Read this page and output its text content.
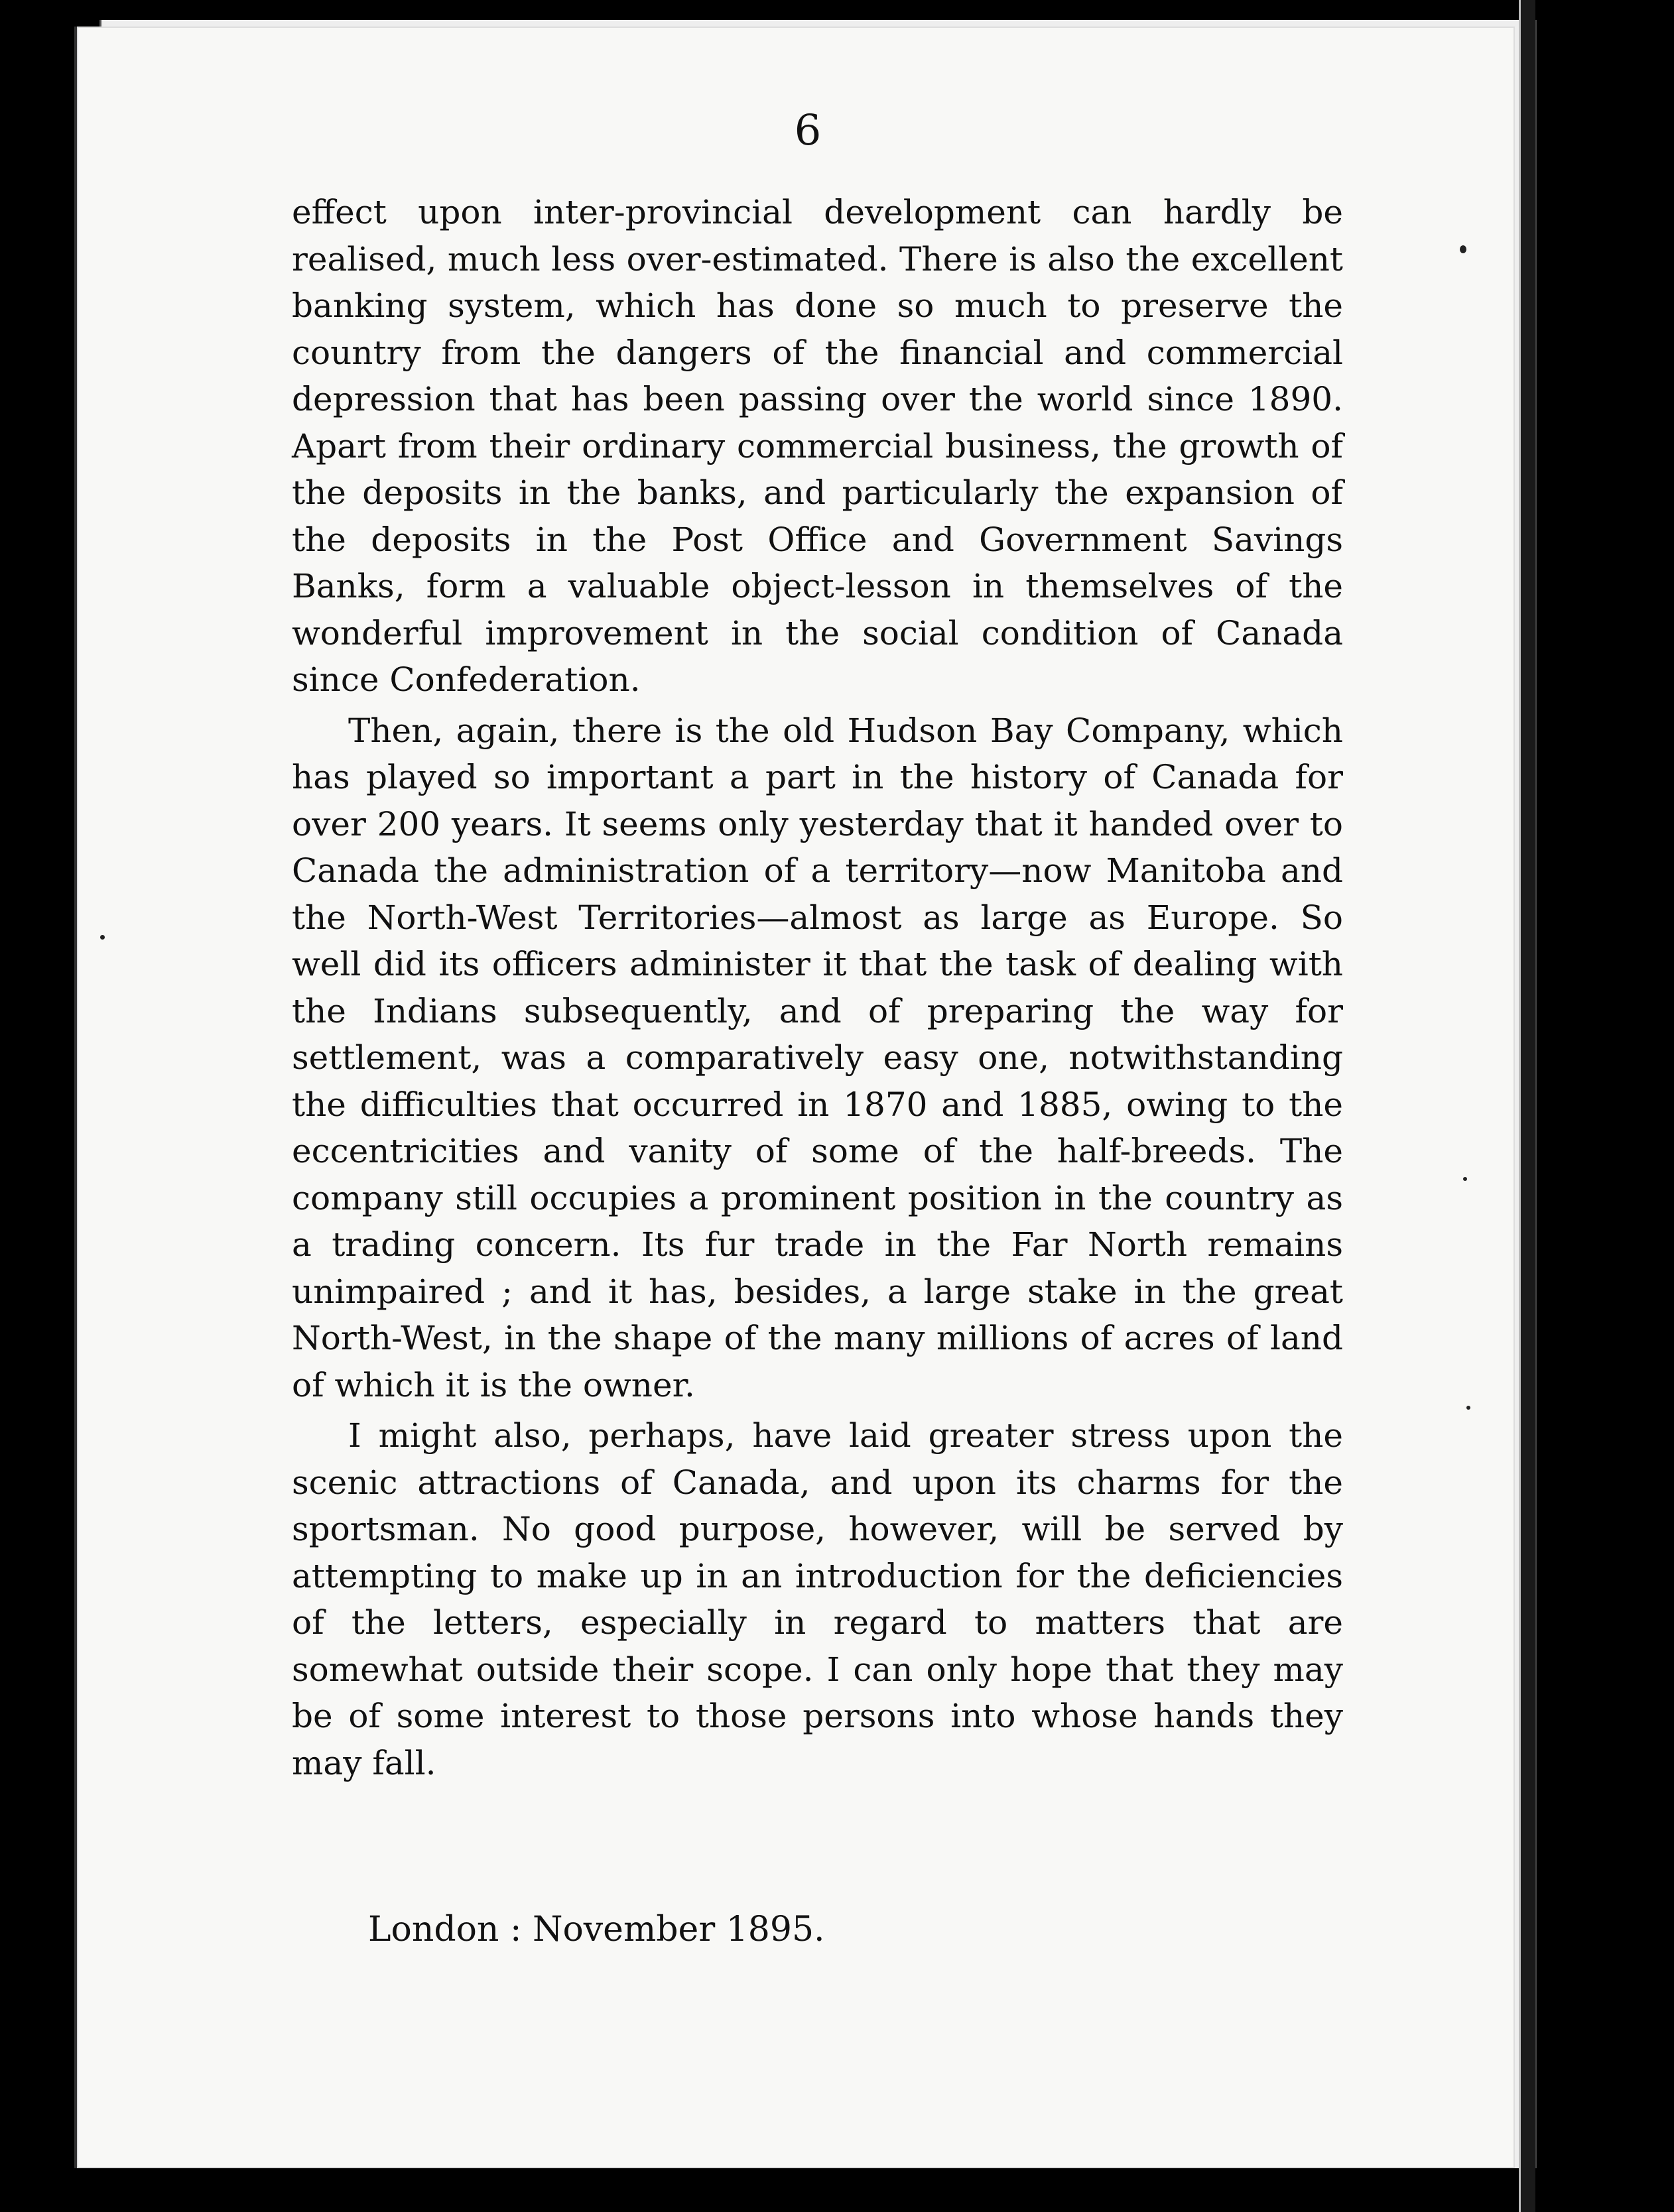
6

effect upon inter-provincial development can hardly be realised, much less over-estimated. There is also the excellent banking system, which has done so much to preserve the country from the dangers of the financial and commercial depression that has been passing over the world since 1890. Apart from their ordinary commercial business, the growth of the deposits in the banks, and particularly the expansion of the deposits in the Post Office and Government Savings Banks, form a valuable object-lesson in themselves of the wonderful improvement in the social condition of Canada since Confederation.

Then, again, there is the old Hudson Bay Company, which has played so important a part in the history of Canada for over 200 years. It seems only yesterday that it handed over to Canada the administration of a territory—now Manitoba and the North-West Territories—almost as large as Europe. So well did its officers administer it that the task of dealing with the Indians subsequently, and of preparing the way for settlement, was a comparatively easy one, notwithstanding the difficulties that occurred in 1870 and 1885, owing to the eccentricities and vanity of some of the half-breeds. The company still occupies a prominent position in the country as a trading concern. Its fur trade in the Far North remains unimpaired ; and it has, besides, a large stake in the great North-West, in the shape of the many millions of acres of land of which it is the owner.

I might also, perhaps, have laid greater stress upon the scenic attractions of Canada, and upon its charms for the sportsman. No good purpose, however, will be served by attempting to make up in an introduction for the deficiencies of the letters, especially in regard to matters that are somewhat outside their scope. I can only hope that they may be of some interest to those persons into whose hands they may fall.

London : November 1895.
